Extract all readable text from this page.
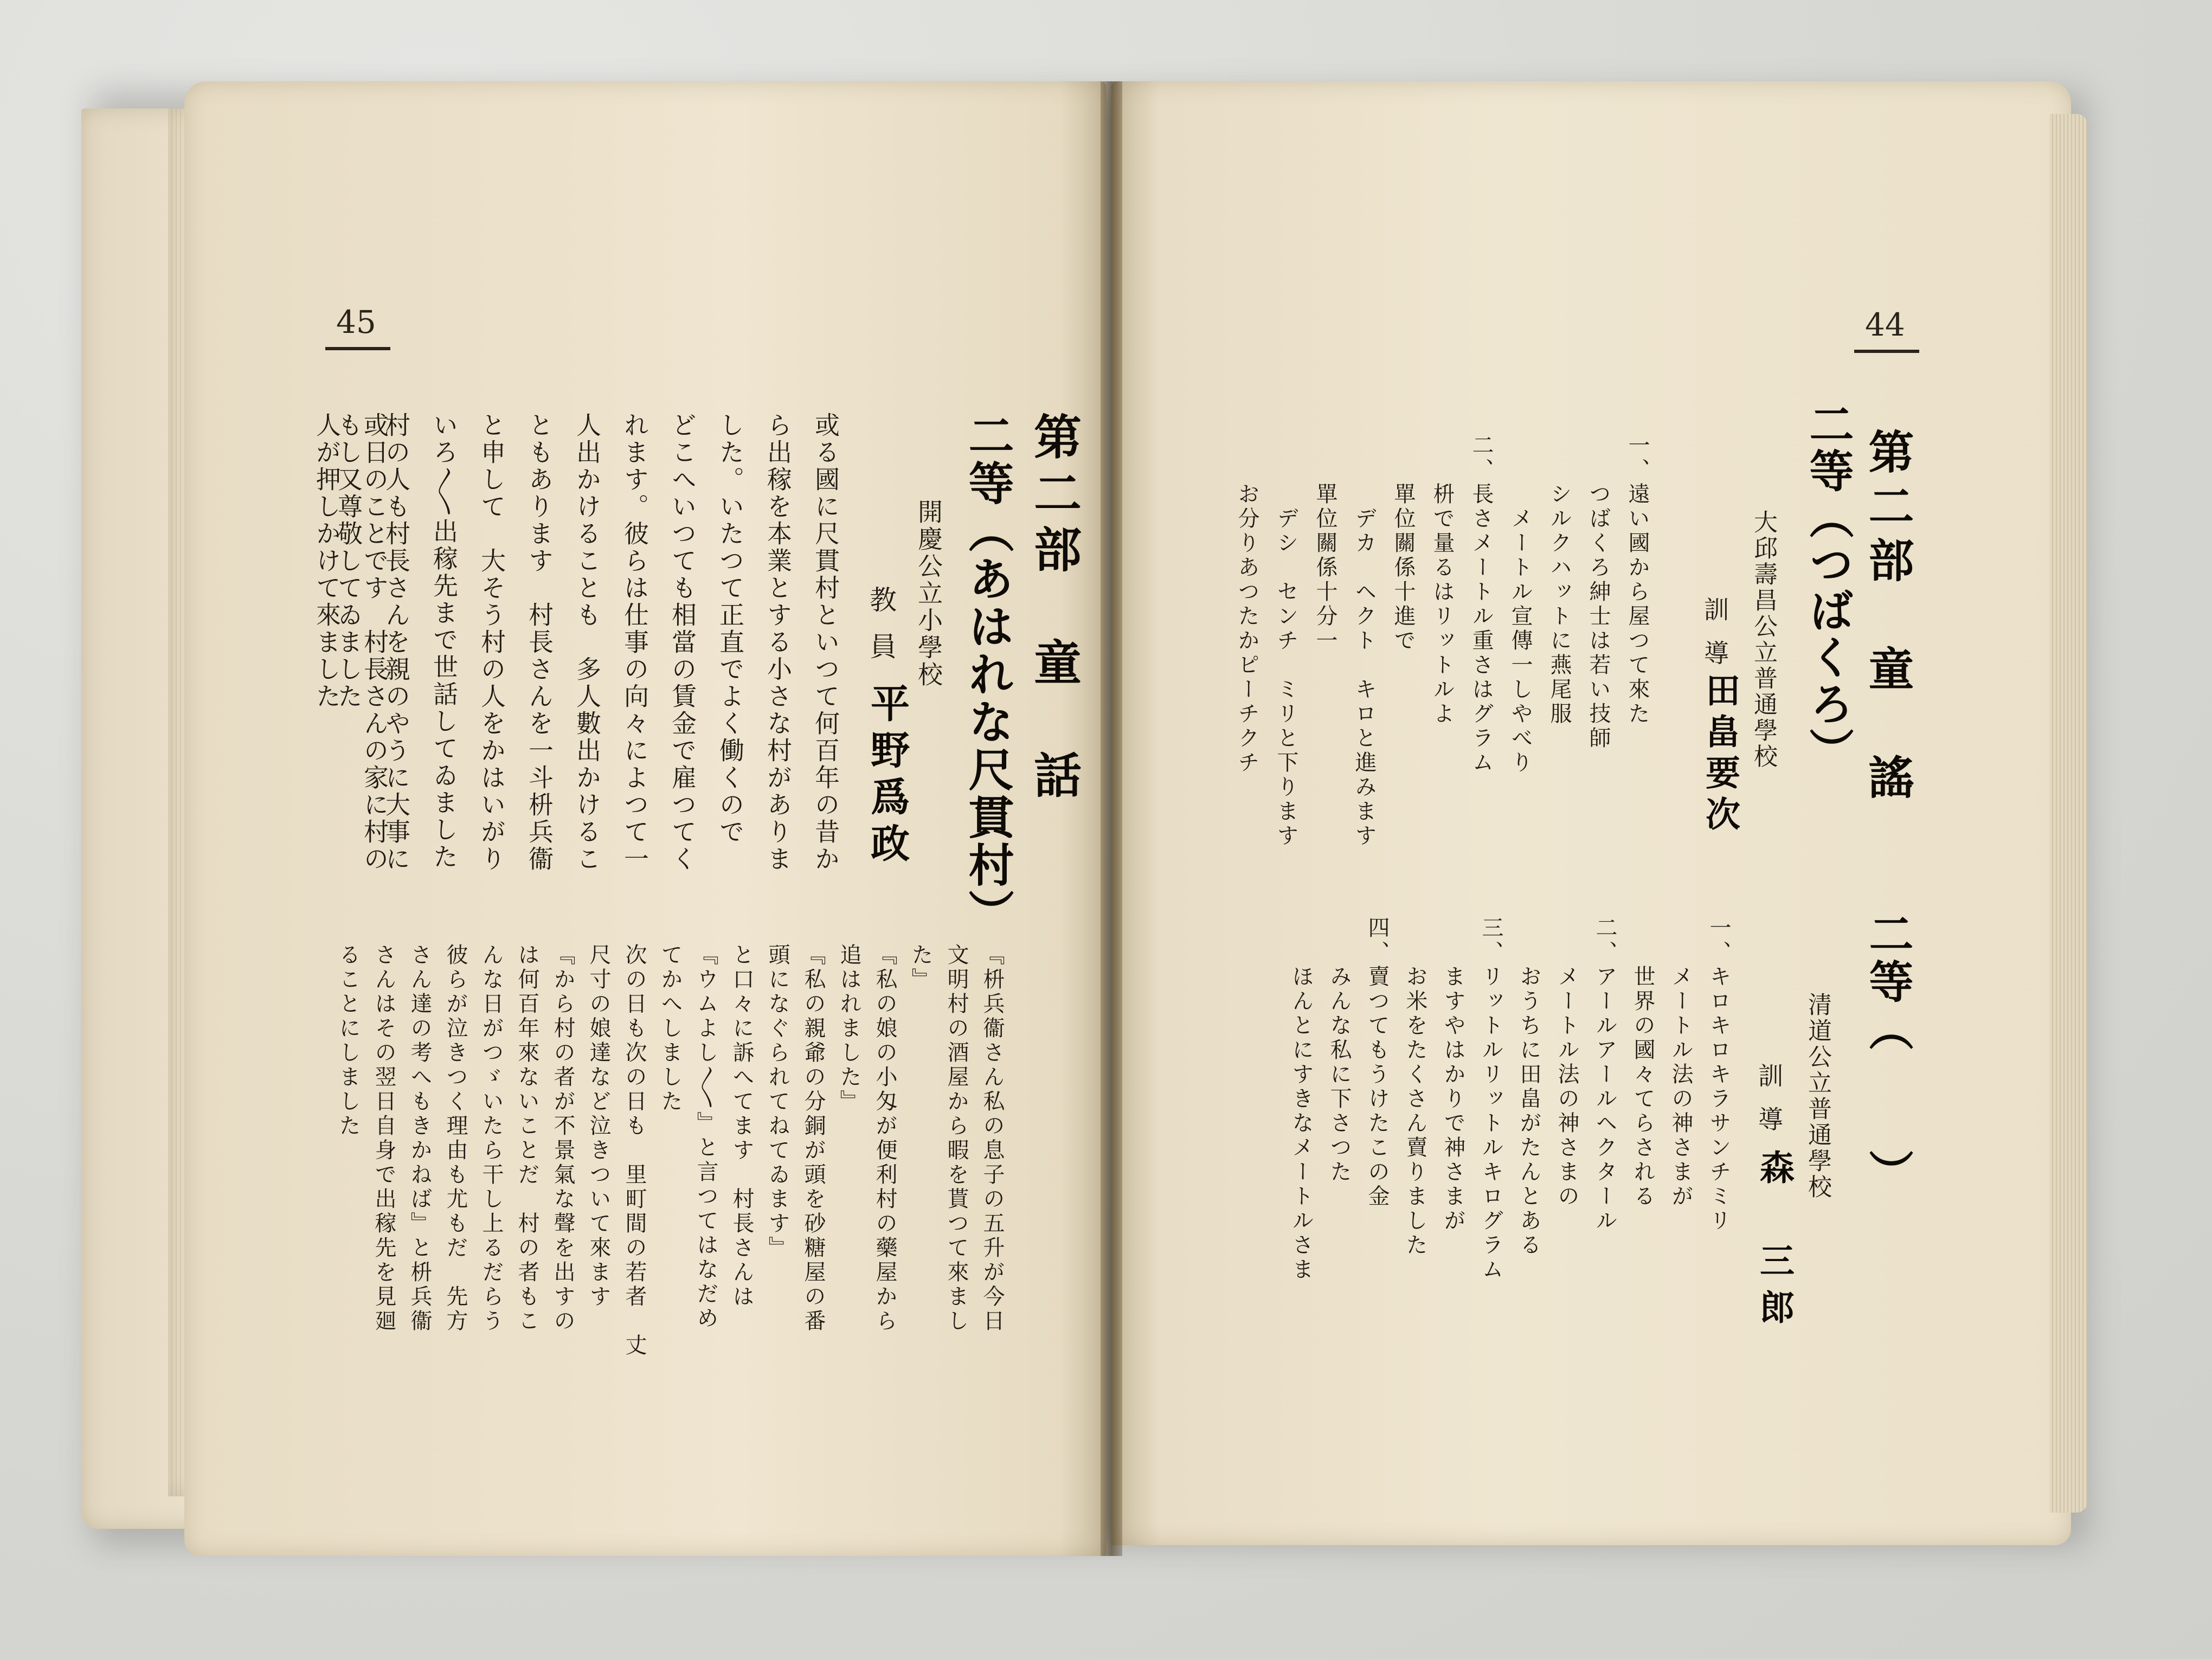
45
第二部　童　話
二等（あはれな尺貫村）
開慶公立小學校
教 員
平野爲政
或る國に尺貫村といつて何百年の昔か
ら出稼を本業とする小さな村がありま
した。いたつて正直でよく働くので
どこへいつても相當の賃金で雇つてく
れます。彼らは仕事の向々によつて一
人出かけることも　多人數出かけるこ
ともあります　村長さんを一斗枡兵衞
と申して　大そう村の人をかはいがり
いろ〳〵出稼先まで世話してゐました
村の人も村長さんを親のやうに大事に
もし又尊敬してゐました
或日のことです　村長さんの家に村の
人が押しかけて來ました
『枡兵衞さん私の息子の五升が今日
文明村の酒屋から暇を貰つて來まし
た』
『私の娘の小匁が便利村の藥屋から
追はれました』
『私の親爺の分銅が頭を砂糖屋の番
頭になぐられてねてゐます』
と口々に訴へてます　村長さんは
『ウムよし〳〵』と言つてはなだめ
てかへしました
次の日も次の日も　里町間の若者　丈
尺寸の娘達など泣きついて來ます
『から村の者が不景氣な聲を出すの
は何百年來ないことだ　村の者もこ
んな日がつゞいたら干し上るだらう
彼らが泣きつく理由も尤もだ　先方
さん達の考へもきかねば』と枡兵衞
さんはその翌日自身で出稼先を見廻
ることにしました
44
第二部　童　謠
二等（つばくろ）
大邱壽昌公立普通學校
訓 導
田畠要次
一、遠い國から屋つて來た
　　つばくろ紳士は若い技師
　　シルクハットに燕尾服
　　　メートル宣傳一しやべり
二、長さメートル重さはグラム
　　枡で量るはリットルよ
　　單位關係十進で
　　　デカ　ヘクト　キロと進みます
　　單位關係十分一
　　　デシ　センチ　ミリと下ります
　　お分りあつたかピーチクチ
二等（　　）
清道公立普通學校
訓 導
森　三郎
一、キロキロキラサンチミリ
　　メートル法の神さまが
　　世界の國々てらされる
二、アールアールヘクタール
　　メートル法の神さまの
　　おうちに田畠がたんとある
三、リットルリットルキログラム
　　ますやはかりで神さまが
　　お米をたくさん賣りました
四、賣つてもうけたこの金
　　みんな私に下さつた
　　ほんとにすきなメートルさま
